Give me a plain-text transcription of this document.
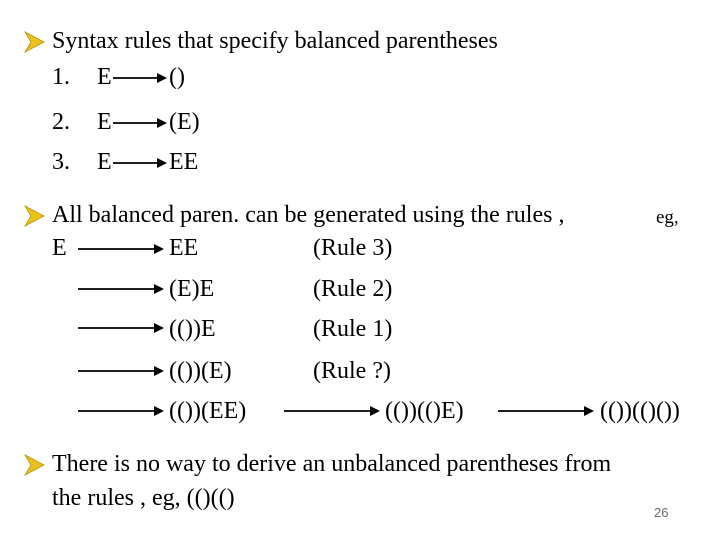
Syntax rules that specify balanced parentheses
1. E ()
2. E (E)
3. E EE
All balanced paren. can be generated using the rules ,	eg,
E	EE	(Rule 3)
(E)E	(Rule 2)
(())E	(Rule 1)
(())(E)	(Rule ?)
(())(EE)	(())(()E)	(())(()())
There is no way to derive an unbalanced parentheses from
the rules , eg, (()(()
26
